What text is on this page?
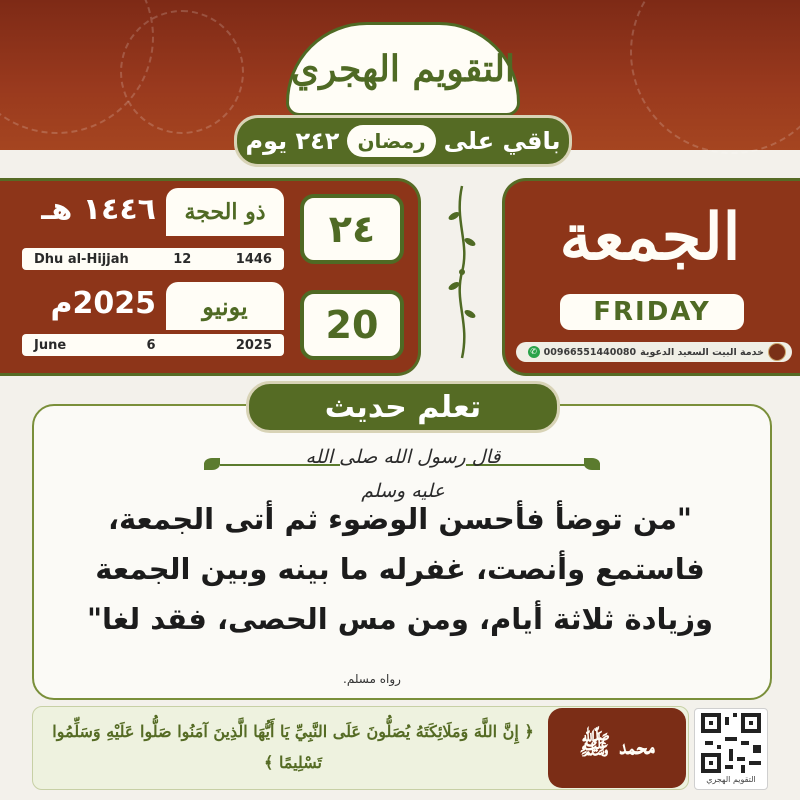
التقويم الهجري
باقي على
رمضان
٢٤٢ يوم
٢٤
ذو الحجة
١٤٤٦ هـ
Dhu al-Hijjah	12	1446
20
يونيو
2025م
June	6	2025
الجمعة
FRIDAY
✆ 00966551440080 خدمة البيت السعيد الدعوية
تعلم حديث
قال رسول الله صلى الله عليه وسلم
"من توضأ فأحسن الوضوء ثم أتى الجمعة، فاستمع وأنصت، غفرله ما بينه وبين الجمعة وزيادة ثلاثة أيام، ومن مس الحصى، فقد لغا"
رواه مسلم.
﴿ إِنَّ اللَّهَ وَمَلَائِكَتَهُ يُصَلُّونَ عَلَى النَّبِيِّ يَا أَيُّهَا الَّذِينَ آمَنُوا صَلُّوا عَلَيْهِ وَسَلِّمُوا تَسْلِيمًا ﴾
محمد ﷺ
التقويم الهجري
